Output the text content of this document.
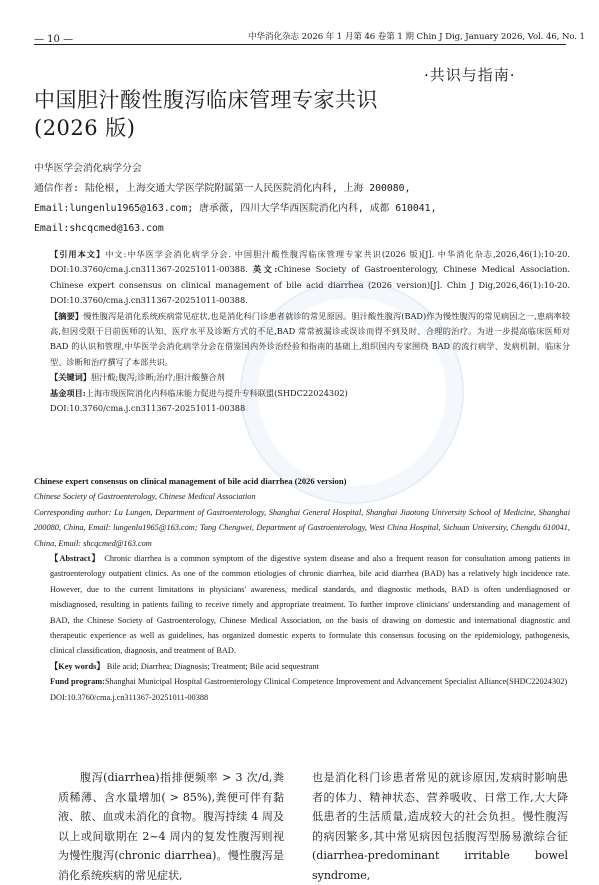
— 10 —	中华消化杂志 2026 年 1 月第 46 卷第 1 期 Chin J Dig, January 2026, Vol. 46, No. 1
·共识与指南·
中国胆汁酸性腹泻临床管理专家共识
(2026 版)
中华医学会消化病学分会
通信作者: 陆伦根, 上海交通大学医学院附属第一人民医院消化内科, 上海 200080,
Email:lungenlu1965@163.com; 唐承薇, 四川大学华西医院消化内科, 成都 610041,
Email:shcqcmed@163.com

【引用本文】中文:中华医学会消化病学分会. 中国胆汁酸性腹泻临床管理专家共识(2026 版)[J]. 中华消化杂志,2026,46(1):10-20. DOI:10.3760/cma.j.cn311367-20251011-00388. 英文:Chinese Society of Gastroenterology, Chinese Medical Association. Chinese expert consensus on clinical management of bile acid diarrhea (2026 version)[J]. Chin J Dig,2026,46(1):10-20. DOI:10.3760/cma.j.cn311367-20251011-00388.

【摘要】慢性腹泻是消化系统疾病常见症状,也是消化科门诊患者就诊的常见原因。胆汁酸性腹泻(BAD)作为慢性腹泻的常见病因之一,患病率较高,但因受限于目前医师的认知、医疗水平及诊断方式的不足,BAD 常常被漏诊或误诊而得不到及时、合理的治疗。为进一步提高临床医师对 BAD 的认识和管理,中华医学会消化病学分会在借鉴国内外诊治经验和指南的基础上,组织国内专家围绕 BAD 的流行病学、发病机制、临床分型、诊断和治疗撰写了本部共识。

【关键词】胆汁酸;腹泻;诊断;治疗;胆汁酸螯合剂

基金项目:上海市级医院消化内科临床能力促进与提升专科联盟(SHDC22024302)

DOI:10.3760/cma.j.cn311367-20251011-00388

Chinese expert consensus on clinical management of bile acid diarrhea (2026 version)

Chinese Society of Gastroenterology, Chinese Medical Association

Corresponding author: Lu Lungen, Department of Gastroenterology, Shanghai General Hospital, Shanghai Jiaotong University School of Medicine, Shanghai 200080, China, Email: lungenlu1965@163.com; Tang Chengwei, Department of Gastroenterology, West China Hospital, Sichuan University, Chengdu 610041, China, Email: shcqcmed@163.com

【Abstract】 Chronic diarrhea is a common symptom of the digestive system disease and also a frequent reason for consultation among patients in gastroenterology outpatient clinics. As one of the common etiologies of chronic diarrhea, bile acid diarrhea (BAD) has a relatively high incidence rate. However, due to the current limitations in physicians' awareness, medical standards, and diagnostic methods, BAD is often underdiagnosed or misdiagnosed, resulting in patients failing to receive timely and appropriate treatment. To further improve clinicians' understanding and management of BAD, the Chinese Society of Gastroenterology, Chinese Medical Association, on the basis of drawing on domestic and international diagnostic and therapeutic experience as well as guidelines, has organized domestic experts to formulate this consensus focusing on the epidemiology, pathogenesis, clinical classification, diagnosis, and treatment of BAD.

【Key words】 Bile acid; Diarrhea; Diagnosis; Treatment; Bile acid sequestrant

Fund program:Shanghai Municipal Hospital Gastroenterology Clinical Competence Improvement and Advancement Specialist Alliance(SHDC22024302)

DOI:10.3760/cma.j.cn311367-20251011-00388

腹泻(diarrhea)指排便频率 > 3 次/d,粪质稀薄、含水量增加( > 85%),粪便可伴有黏液、脓、血或未消化的食物。腹泻持续 4 周及以上或间歇期在 2~4 周内的复发性腹泻则视为慢性腹泻(chronic diarrhea)。慢性腹泻是消化系统疾病的常见症状,

也是消化科门诊患者常见的就诊原因,发病时影响患者的体力、精神状态、营养吸收、日常工作,大大降低患者的生活质量,造成较大的社会负担。慢性腹泻的病因繁多,其中常见病因包括腹泻型肠易激综合征(diarrhea-predominant irritable bowel syndrome,
